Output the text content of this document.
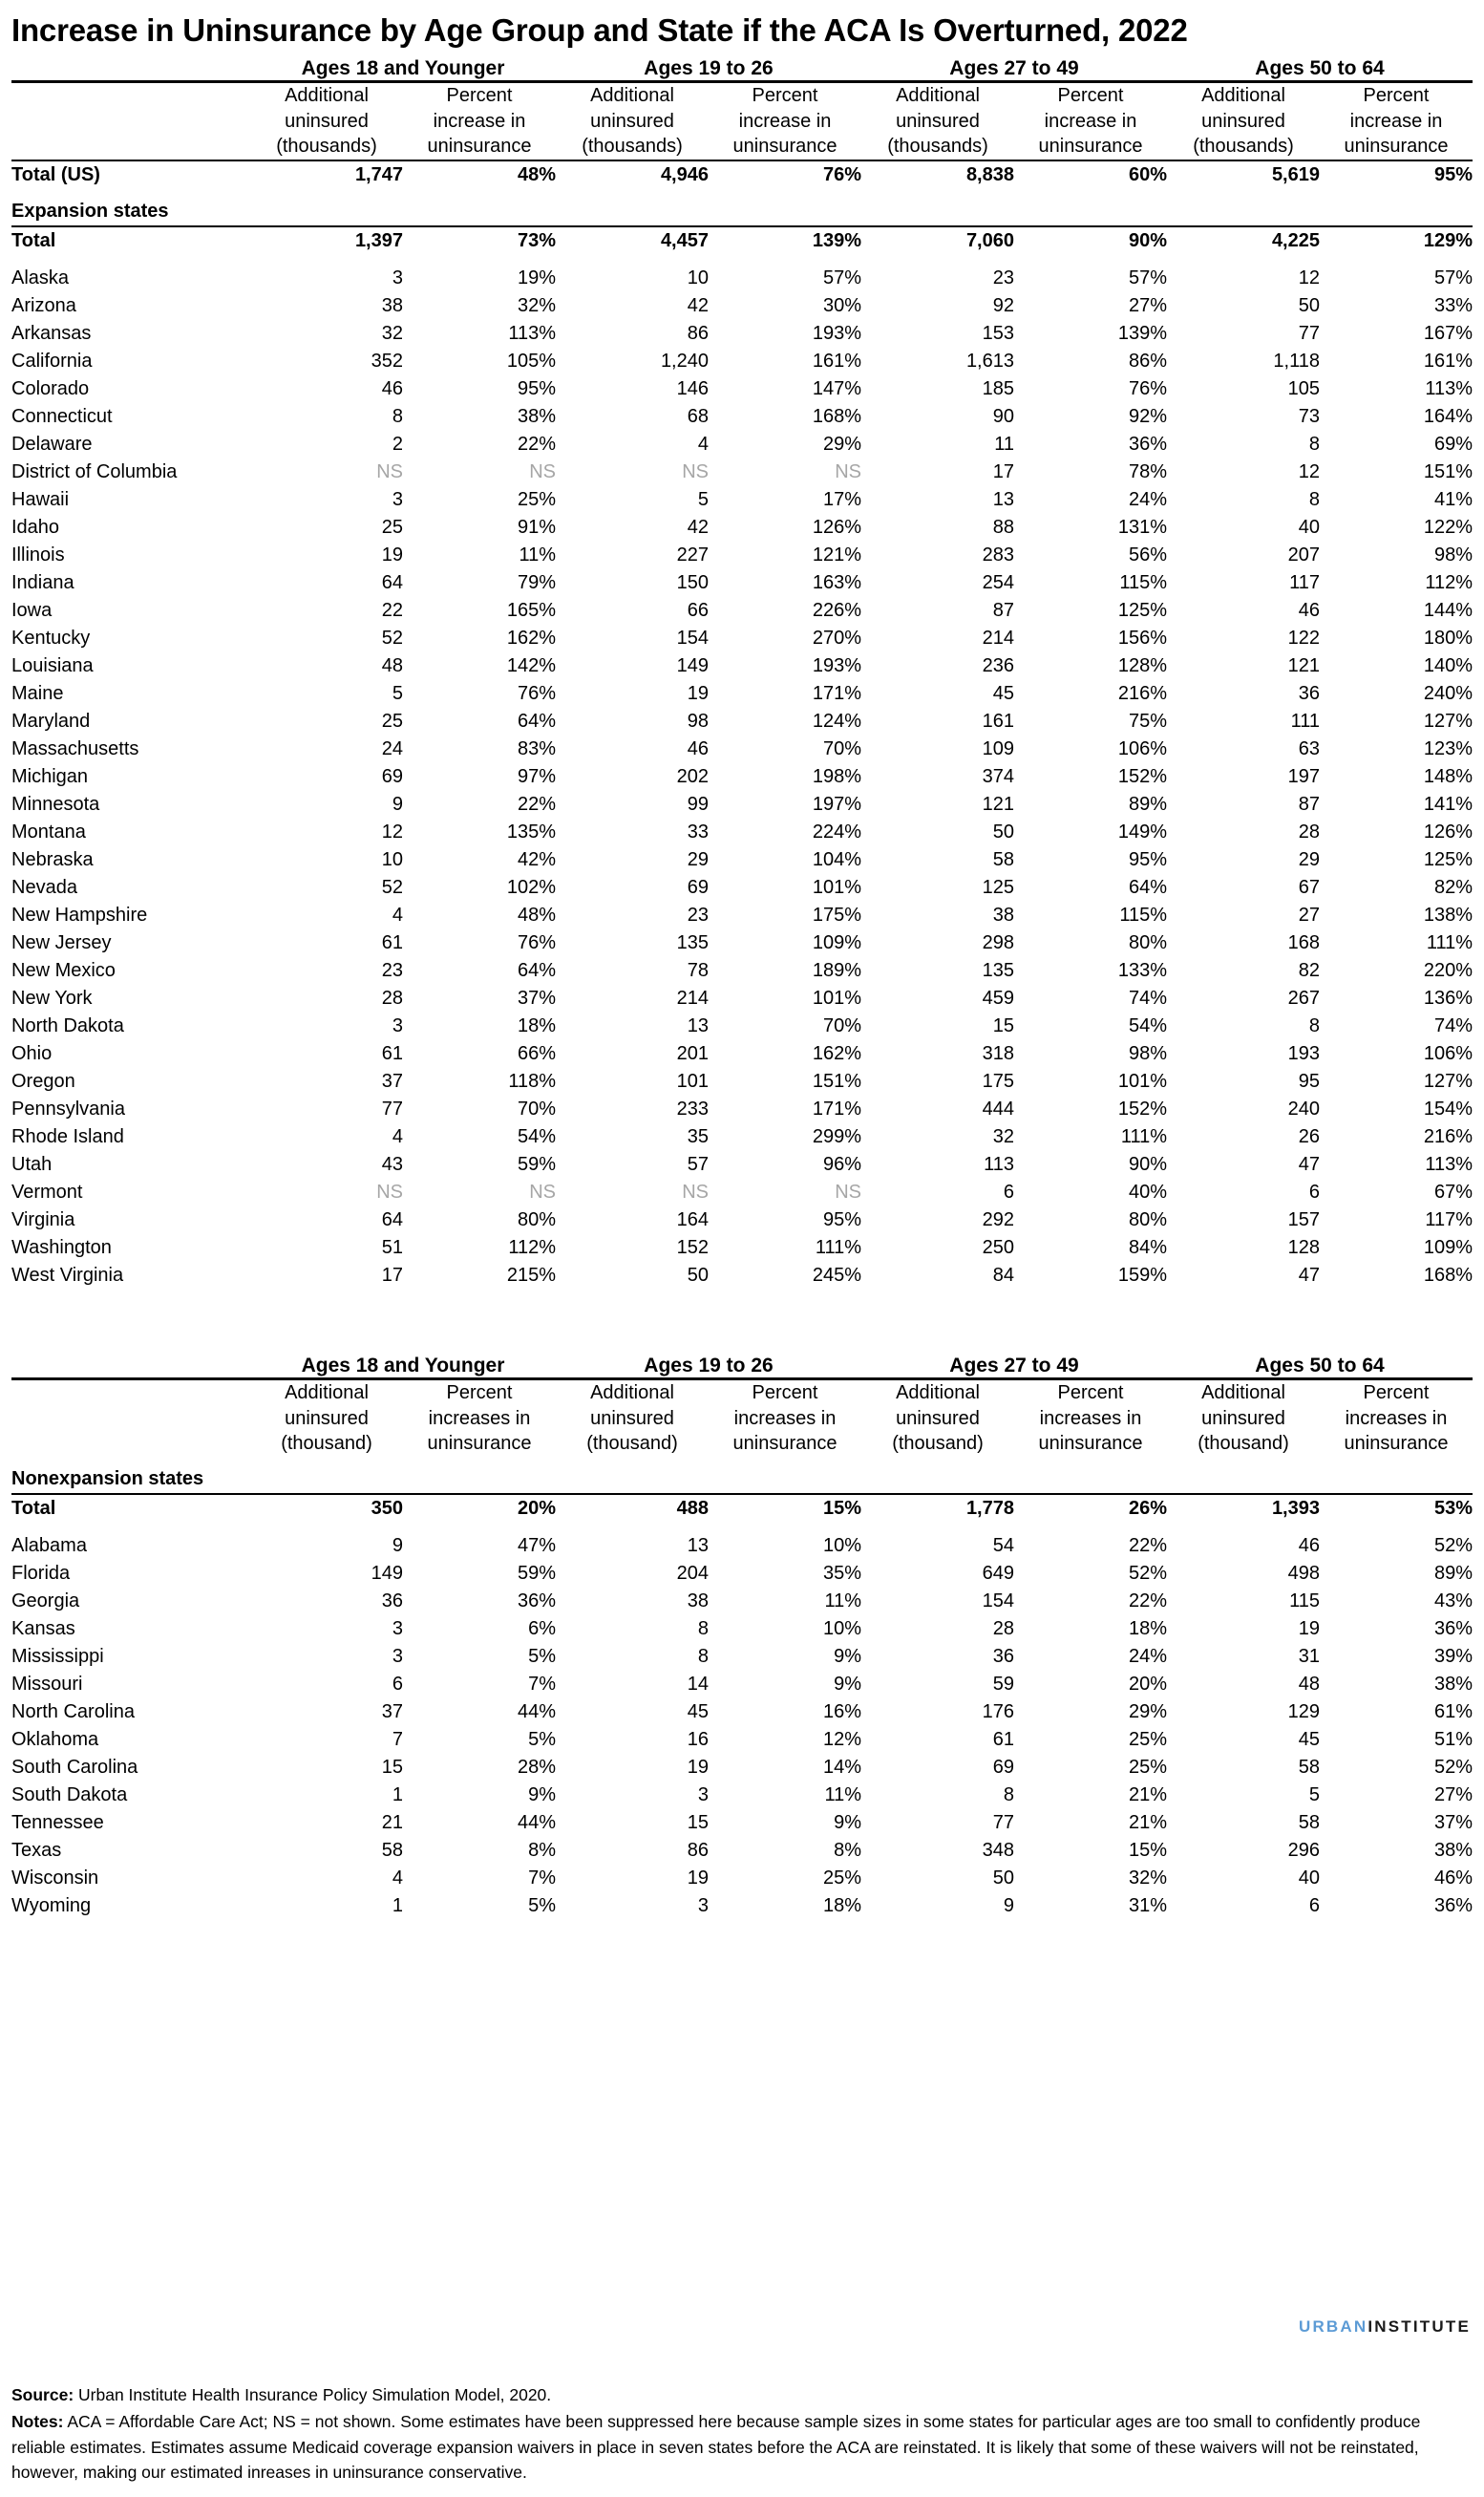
Increase in Uninsurance by Age Group and State if the ACA Is Overturned, 2022
	Ages 18 and Younger		Ages 19 to 26		Ages 27 to 49		Ages 50 to 64	

	Additional
uninsured
(thousands)	Percent
increase in
uninsurance	Additional
uninsured
(thousands)	Percent
increase in
uninsurance	Additional
uninsured
(thousands)	Percent
increase in
uninsurance	Additional
uninsured
(thousands)	Percent
increase in
uninsurance

Total (US)	1,747	48%	4,946	76%	8,838	60%	5,619	95%
Expansion states								

Total	1,397	73%	4,457	139%	7,060	90%	4,225	129%
Alaska	3	19%	10	57%	23	57%	12	57%
Arizona	38	32%	42	30%	92	27%	50	33%
Arkansas	32	113%	86	193%	153	139%	77	167%
California	352	105%	1,240	161%	1,613	86%	1,118	161%
Colorado	46	95%	146	147%	185	76%	105	113%
Connecticut	8	38%	68	168%	90	92%	73	164%
Delaware	2	22%	4	29%	11	36%	8	69%
District of Columbia	NS	NS	NS	NS	17	78%	12	151%
Hawaii	3	25%	5	17%	13	24%	8	41%
Idaho	25	91%	42	126%	88	131%	40	122%
Illinois	19	11%	227	121%	283	56%	207	98%
Indiana	64	79%	150	163%	254	115%	117	112%
Iowa	22	165%	66	226%	87	125%	46	144%
Kentucky	52	162%	154	270%	214	156%	122	180%
Louisiana	48	142%	149	193%	236	128%	121	140%
Maine	5	76%	19	171%	45	216%	36	240%
Maryland	25	64%	98	124%	161	75%	111	127%
Massachusetts	24	83%	46	70%	109	106%	63	123%
Michigan	69	97%	202	198%	374	152%	197	148%
Minnesota	9	22%	99	197%	121	89%	87	141%
Montana	12	135%	33	224%	50	149%	28	126%
Nebraska	10	42%	29	104%	58	95%	29	125%
Nevada	52	102%	69	101%	125	64%	67	82%
New Hampshire	4	48%	23	175%	38	115%	27	138%
New Jersey	61	76%	135	109%	298	80%	168	111%
New Mexico	23	64%	78	189%	135	133%	82	220%
New York	28	37%	214	101%	459	74%	267	136%
North Dakota	3	18%	13	70%	15	54%	8	74%
Ohio	61	66%	201	162%	318	98%	193	106%
Oregon	37	118%	101	151%	175	101%	95	127%
Pennsylvania	77	70%	233	171%	444	152%	240	154%
Rhode Island	4	54%	35	299%	32	111%	26	216%
Utah	43	59%	57	96%	113	90%	47	113%
Vermont	NS	NS	NS	NS	6	40%	6	67%
Virginia	64	80%	164	95%	292	80%	157	117%
Washington	51	112%	152	111%	250	84%	128	109%
West Virginia	17	215%	50	245%	84	159%	47	168%

	Ages 18 and Younger		Ages 19 to 26		Ages 27 to 49		Ages 50 to 64	

	Additional
uninsured
(thousand)	Percent
increases in
uninsurance	Additional
uninsured
(thousand)	Percent
increases in
uninsurance	Additional
uninsured
(thousand)	Percent
increases in
uninsurance	Additional
uninsured
(thousand)	Percent
increases in
uninsurance
Nonexpansion states								

Total	350	20%	488	15%	1,778	26%	1,393	53%
Alabama	9	47%	13	10%	54	22%	46	52%
Florida	149	59%	204	35%	649	52%	498	89%
Georgia	36	36%	38	11%	154	22%	115	43%
Kansas	3	6%	8	10%	28	18%	19	36%
Mississippi	3	5%	8	9%	36	24%	31	39%
Missouri	6	7%	14	9%	59	20%	48	38%
North Carolina	37	44%	45	16%	176	29%	129	61%
Oklahoma	7	5%	16	12%	61	25%	45	51%
South Carolina	15	28%	19	14%	69	25%	58	52%
South Dakota	1	9%	3	11%	8	21%	5	27%
Tennessee	21	44%	15	9%	77	21%	58	37%
Texas	58	8%	86	8%	348	15%	296	38%
Wisconsin	4	7%	19	25%	50	32%	40	46%
Wyoming	1	5%	3	18%	9	31%	6	36%
URBANINSTITUTE

Source: Urban Institute Health Insurance Policy Simulation Model, 2020.

Notes: ACA = Affordable Care Act; NS = not shown. Some estimates have been suppressed here because sample sizes in some states for particular ages are too small to confidently produce reliable estimates. Estimates assume Medicaid coverage expansion waivers in place in seven states before the ACA are reinstated. It is likely that some of these waivers will not be reinstated, however, making our estimated inreases in uninsurance conservative.
